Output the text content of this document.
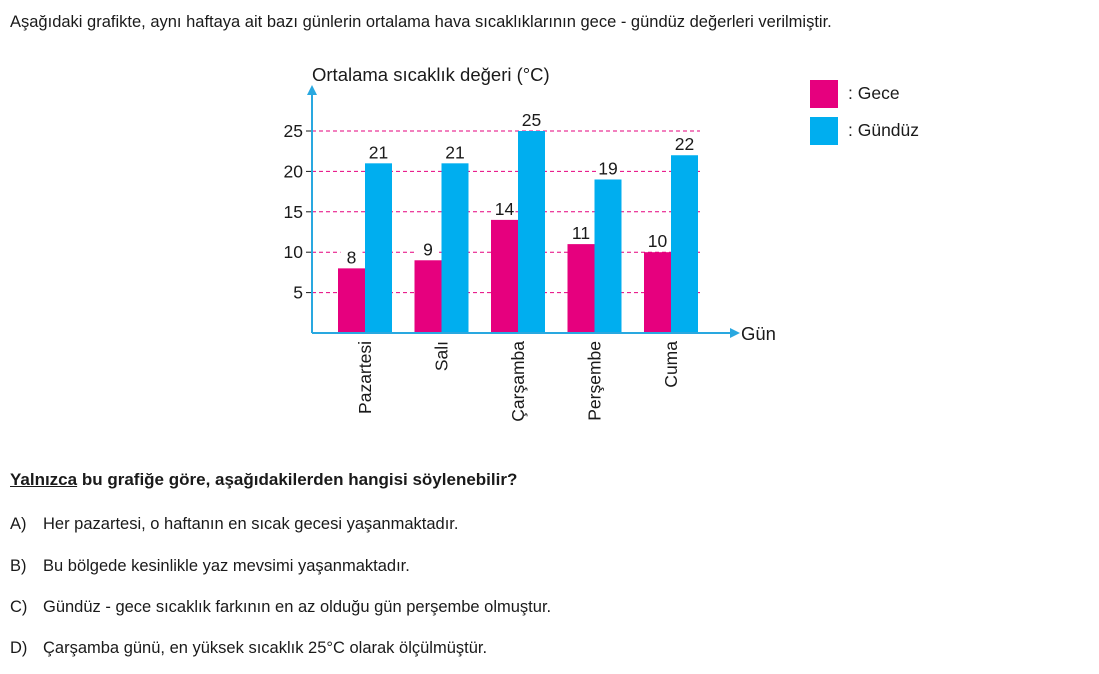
Aşağıdaki grafikte, aynı haftaya ait bazı günlerin ortalama hava sıcaklıklarının gece - gündüz değerleri verilmiştir.
8
21
9
21
14
25
11
19
10
22
5
10
15
20
25
Pazartesi	Salı	Çarşamba	Perşembe	Cuma
Ortalama sıcaklık değeri (°C)
Gün
: Gece
: Gündüz
Yalnızca bu grafiğe göre, aşağıdakilerden hangisi söylenebilir?
A) Her pazartesi, o haftanın en sıcak gecesi yaşanmaktadır.
B) Bu bölgede kesinlikle yaz mevsimi yaşanmaktadır.
C) Gündüz - gece sıcaklık farkının en az olduğu gün perşembe olmuştur.
D) Çarşamba günü, en yüksek sıcaklık 25°C olarak ölçülmüştür.
